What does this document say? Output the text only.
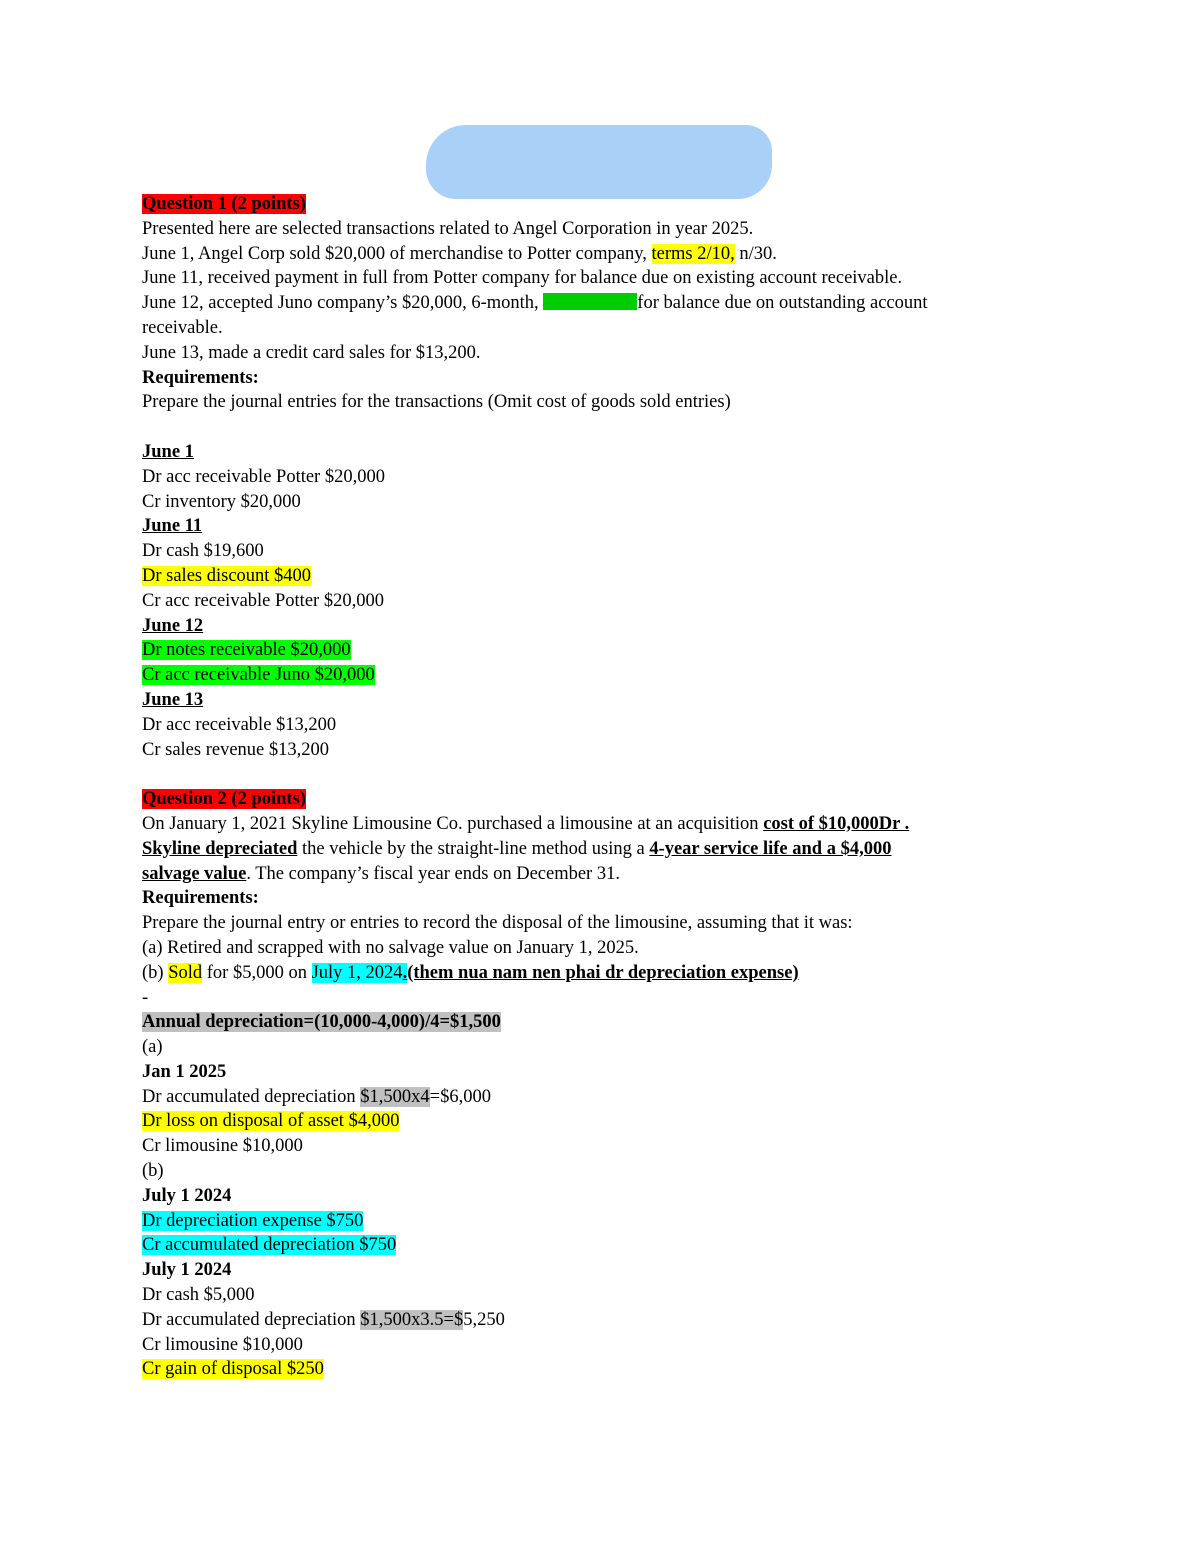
Question 1 (2 points)
Presented here are selected transactions related to Angel Corporation in year 2025.
June 1, Angel Corp sold $20,000 of merchandise to Potter company, terms 2/10, n/30.
June 11, received payment in full from Potter company for balance due on existing account receivable.
June 12, accepted Juno company’s $20,000, 6-month,	for balance due on outstanding account
receivable.
June 13, made a credit card sales for $13,200.
Requirements:
Prepare the journal entries for the transactions (Omit cost of goods sold entries)
June 1
Dr acc receivable Potter $20,000
Cr inventory $20,000
June 11
Dr cash $19,600
Dr sales discount $400
Cr acc receivable Potter $20,000
June 12
Dr notes receivable $20,000
Cr acc receivable Juno $20,000
June 13
Dr acc receivable $13,200
Cr sales revenue $13,200
Question 2 (2 points)
On January 1, 2021 Skyline Limousine Co. purchased a limousine at an acquisition cost of $10,000Dr .
Skyline depreciated the vehicle by the straight-line method using a 4-year service life and a $4,000
salvage value. The company’s fiscal year ends on December 31.
Requirements:
Prepare the journal entry or entries to record the disposal of the limousine, assuming that it was:
(a) Retired and scrapped with no salvage value on January 1, 2025.
(b) Sold for $5,000 on July 1, 2024.(them nua nam nen phai dr depreciation expense)
-
Annual depreciation=(10,000-4,000)/4=$1,500
(a)
Jan 1 2025
Dr accumulated depreciation $1,500x4=$6,000
Dr loss on disposal of asset $4,000
Cr limousine $10,000
(b)
July 1 2024
Dr depreciation expense $750
Cr accumulated depreciation $750
July 1 2024
Dr cash $5,000
Dr accumulated depreciation $1,500x3.5=$5,250
Cr limousine $10,000
Cr gain of disposal $250
